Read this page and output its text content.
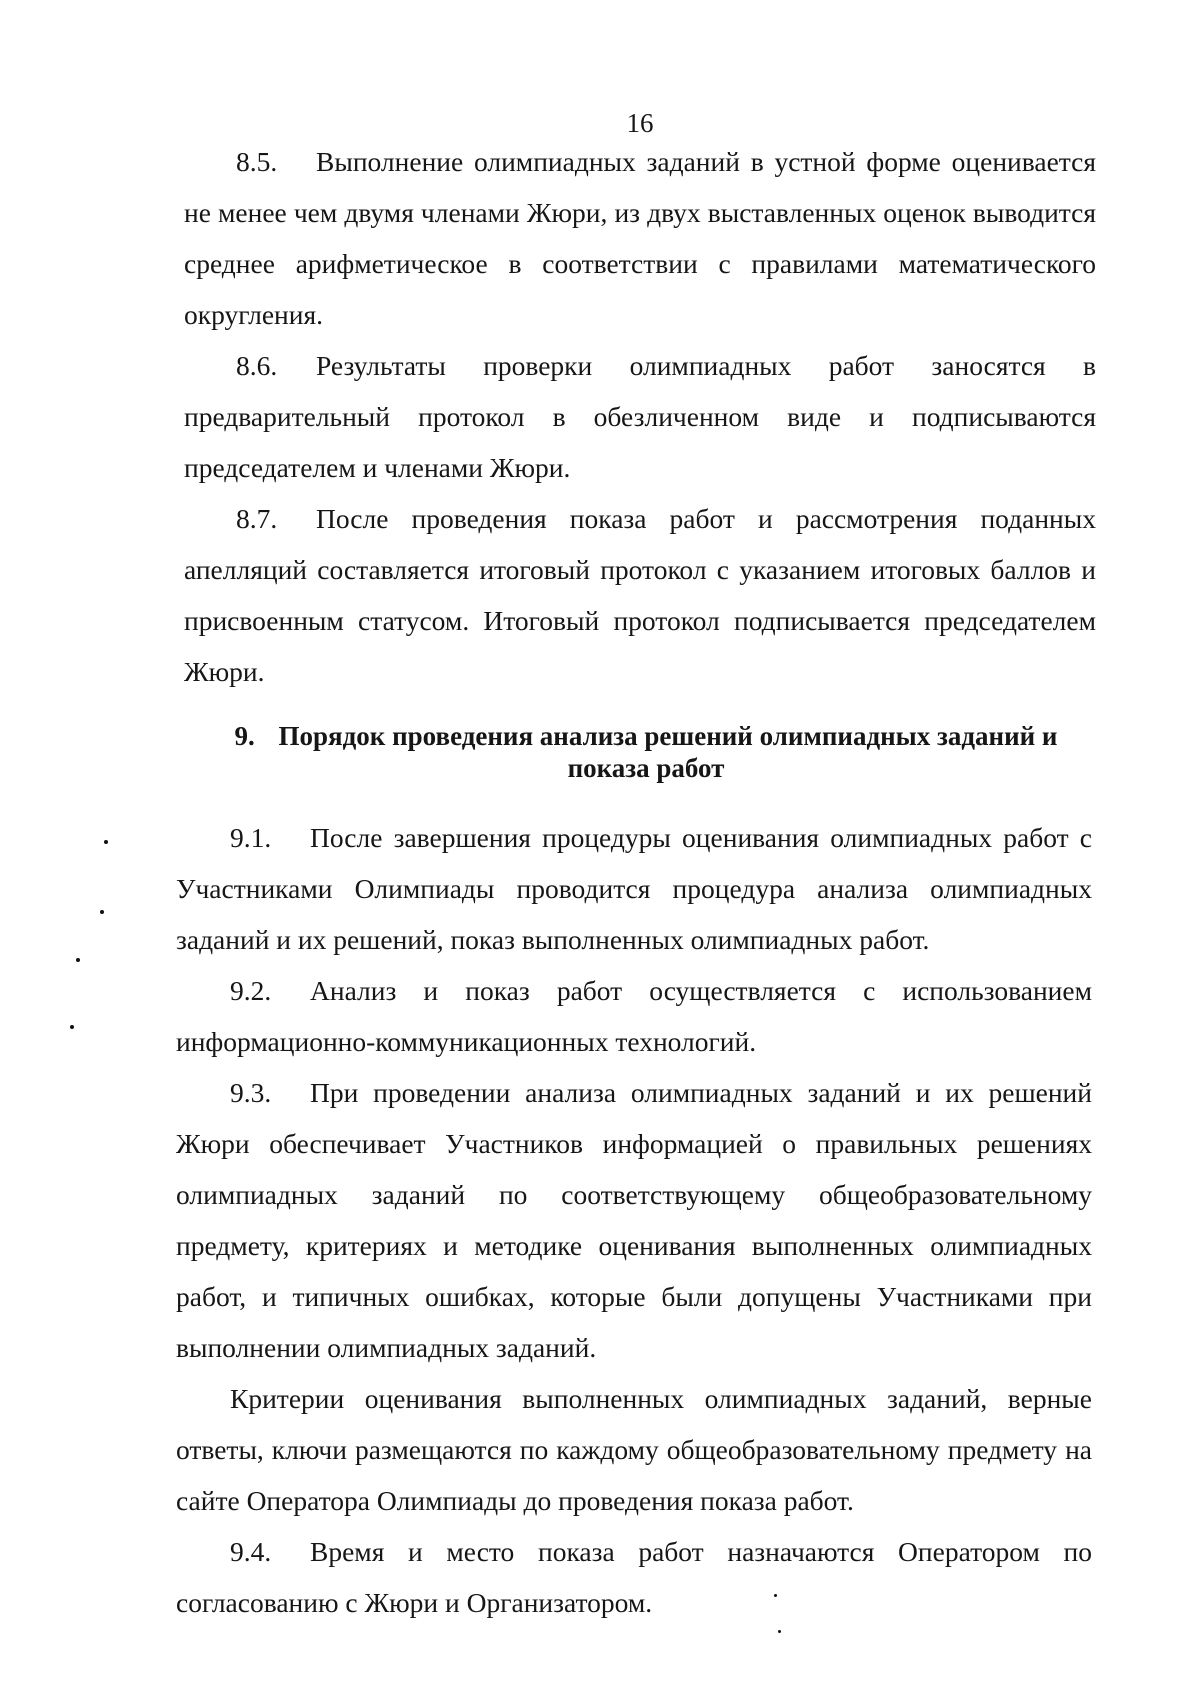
16

8.5. Выполнение олимпиадных заданий в устной форме оценивается не менее чем двумя членами Жюри, из двух выставленных оценок выводится среднее арифметическое в соответствии с правилами математического округления.

8.6. Результаты проверки олимпиадных работ заносятся в предварительный протокол в обезличенном виде и подписываются председателем и членами Жюри.

8.7. После проведения показа работ и рассмотрения поданных апелляций составляется итоговый протокол с указанием итоговых баллов и присвоенным статусом. Итоговый протокол подписывается председателем Жюри.

9. Порядок проведения анализа решений олимпиадных заданий и
показа работ

9.1. После завершения процедуры оценивания олимпиадных работ с Участниками Олимпиады проводится процедура анализа олимпиадных заданий и их решений, показ выполненных олимпиадных работ.

9.2. Анализ и показ работ осуществляется с использованием информационно-коммуникационных технологий.

9.3. При проведении анализа олимпиадных заданий и их решений Жюри обеспечивает Участников информацией о правильных решениях олимпиадных заданий по соответствующему общеобразовательному предмету, критериях и методике оценивания выполненных олимпиадных работ, и типичных ошибках, которые были допущены Участниками при выполнении олимпиадных заданий.

Критерии оценивания выполненных олимпиадных заданий, верные ответы, ключи размещаются по каждому общеобразовательному предмету на сайте Оператора Олимпиады до проведения показа работ.

9.4. Время и место показа работ назначаются Оператором по согласованию с Жюри и Организатором.
